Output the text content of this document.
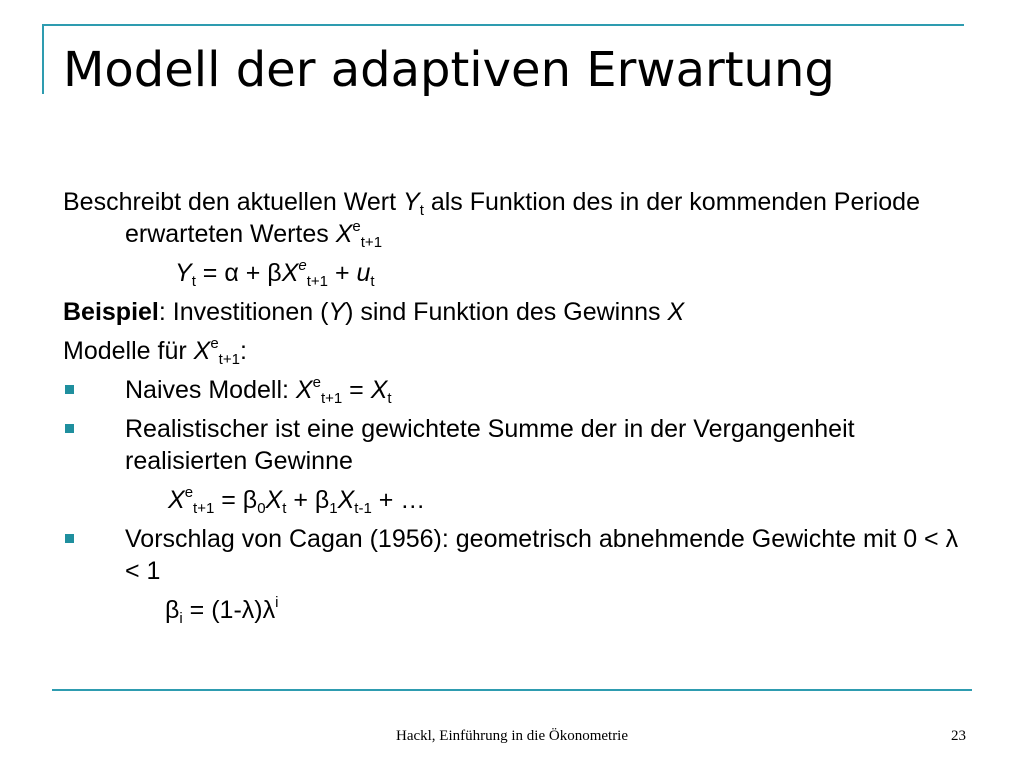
Modell der adaptiven Erwartung
Beschreibt den aktuellen Wert $Y_t$ als Funktion des in der kommenden Periode erwarteten Wertes $X^e_{t+1}$
$Y_t = \alpha + \beta X^e_{t+1} + u_t$
Beispiel: Investitionen (Y) sind Funktion des Gewinns X
Modelle für $X^e_{t+1}$:
Naives Modell: $X^e_{t+1} = X_t$
Realistischer ist eine gewichtete Summe der in der Vergangenheit realisierten Gewinne
$X^e_{t+1} = \beta_0X_t + \beta_1X_{t-1}$ + …
Vorschlag von Cagan (1956): geometrisch abnehmende Gewichte mit 0 < λ < 1
$\beta_i = (1-\lambda)\lambda^i$
Hackl, Einführung in die Ökonometrie	23
